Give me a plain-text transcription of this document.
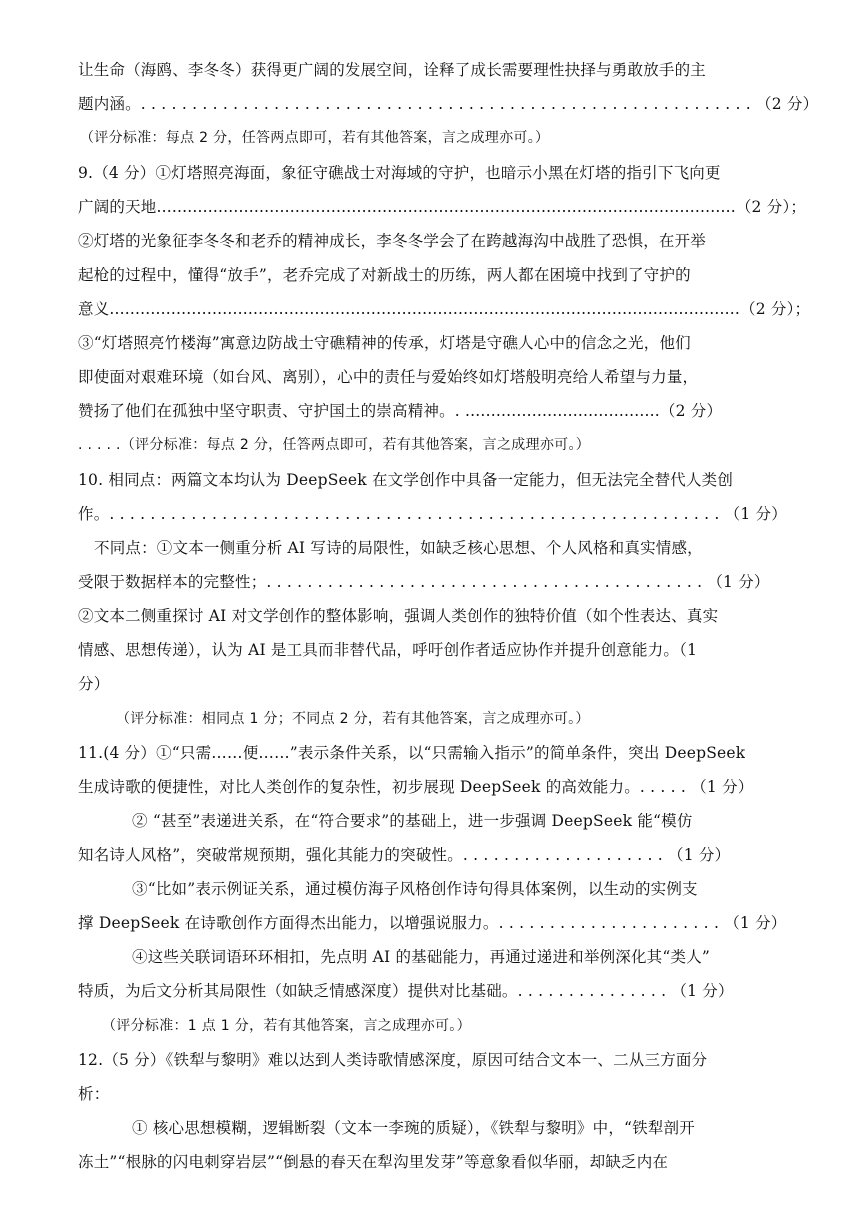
让生命（海鸥、李冬冬）获得更广阔的发展空间，诠释了成长需要理性抉择与勇敢放手的主
题内涵。. . . . . . . . . . . . . . . . . . . . . . . . . . . . . . . . . . . . . . . . . . . . . . . . . . . . . . . . . . . . （2 分）
（评分标准：每点 2 分，任答两点即可，若有其他答案，言之成理亦可。）
9.（4 分）①灯塔照亮海面，象征守礁战士对海域的守护，也暗示小黑在灯塔的指引下飞向更
广阔的天地.................................................................................................................（2 分）；
②灯塔的光象征李冬冬和老乔的精神成长，李冬冬学会了在跨越海沟中战胜了恐惧，在开举
起枪的过程中，懂得“放手”，老乔完成了对新战士的历练，两人都在困境中找到了守护的
意义...........................................................................................................................（2 分）；
③“灯塔照亮竹楼海”寓意边防战士守礁精神的传承，灯塔是守礁人心中的信念之光，他们
即使面对艰难环境（如台风、离别），心中的责任与爱始终如灯塔般明亮给人希望与力量，
赞扬了他们在孤独中坚守职责、守护国土的崇高精神。. ......................................（2 分）
. . . . .（评分标准：每点 2 分，任答两点即可，若有其他答案，言之成理亦可。）
10. 相同点：两篇文本均认为 DeepSeek 在文学创作中具备一定能力，但无法完全替代人类创
作。. . . . . . . . . . . . . . . . . . . . . . . . . . . . . . . . . . . . . . . . . . . . . . . . . . . . . . . . . . . . （1 分）
不同点：①文本一侧重分析 AI 写诗的局限性，如缺乏核心思想、个人风格和真实情感，
受限于数据样本的完整性；. . . . . . . . . . . . . . . . . . . . . . . . . . . . . . . . . . . . . . . . . . . （1 分）
②文本二侧重探讨 AI 对文学创作的整体影响，强调人类创作的独特价值（如个性表达、真实
情感、思想传递），认为 AI 是工具而非替代品，呼吁创作者适应协作并提升创意能力。（1
分）
（评分标准：相同点 1 分；不同点 2 分，若有其他答案，言之成理亦可。）
11.(4 分）①“只需……便……”表示条件关系，以“只需输入指示”的简单条件，突出 DeepSeek
生成诗歌的便捷性，对比人类创作的复杂性，初步展现 DeepSeek 的高效能力。. . . . . （1 分）
② “甚至”表递进关系，在“符合要求”的基础上，进一步强调 DeepSeek 能“模仿
知名诗人风格”，突破常规预期，强化其能力的突破性。. . . . . . . . . . . . . . . . . . . . （1 分）
③“比如”表示例证关系，通过模仿海子风格创作诗句得具体案例，以生动的实例支
撑 DeepSeek 在诗歌创作方面得杰出能力，以增强说服力。. . . . . . . . . . . . . . . . . . . . . . （1 分）
④这些关联词语环环相扣，先点明 AI 的基础能力，再通过递进和举例深化其“类人”
特质，为后文分析其局限性（如缺乏情感深度）提供对比基础。. . . . . . . . . . . . . . . （1 分）
（评分标准：1 点 1 分，若有其他答案，言之成理亦可。）
12.（5 分）《铁犁与黎明》难以达到人类诗歌情感深度，原因可结合文本一、二从三方面分
析：
① 核心思想模糊，逻辑断裂（文本一李琬的质疑），《铁犁与黎明》中，“铁犁剖开
冻土”“根脉的闪电刺穿岩层”“倒悬的春天在犁沟里发芽”等意象看似华丽，却缺乏内在
